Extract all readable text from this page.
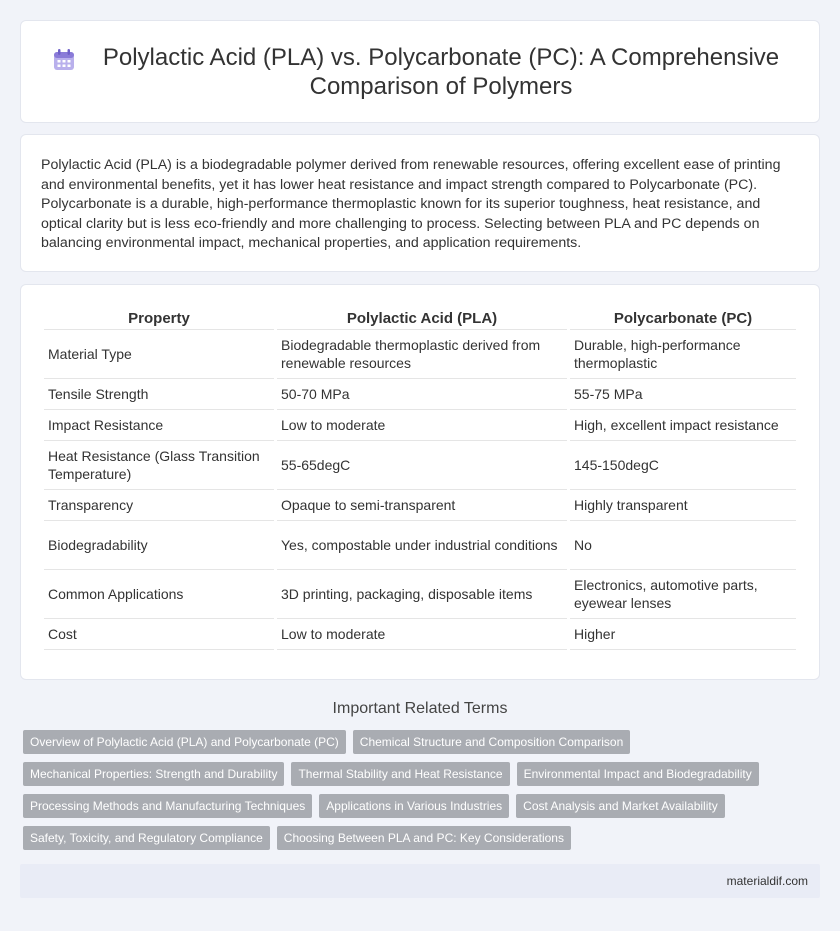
Polylactic Acid (PLA) vs. Polycarbonate (PC): A Comprehensive Comparison of Polymers

Polylactic Acid (PLA) is a biodegradable polymer derived from renewable resources, offering excellent ease of printing and environmental benefits, yet it has lower heat resistance and impact strength compared to Polycarbonate (PC). Polycarbonate is a durable, high-performance thermoplastic known for its superior toughness, heat resistance, and optical clarity but is less eco-friendly and more challenging to process. Selecting between PLA and PC depends on balancing environmental impact, mechanical properties, and application requirements.

Property	Polylactic Acid (PLA)	Polycarbonate (PC)
Material Type	Biodegradable thermoplastic derived from renewable resources	Durable, high-performance thermoplastic
Tensile Strength	50-70 MPa	55-75 MPa
Impact Resistance	Low to moderate	High, excellent impact resistance
Heat Resistance (Glass Transition Temperature)	55-65degC	145-150degC
Transparency	Opaque to semi-transparent	Highly transparent
Biodegradability	Yes, compostable under industrial conditions	No
Common Applications	3D printing, packaging, disposable items	Electronics, automotive parts, eyewear lenses
Cost	Low to moderate	Higher
Important Related Terms
Overview of Polylactic Acid (PLA) and Polycarbonate (PC)	Chemical Structure and Composition Comparison
Mechanical Properties: Strength and Durability	Thermal Stability and Heat Resistance	Environmental Impact and Biodegradability
Processing Methods and Manufacturing Techniques	Applications in Various Industries	Cost Analysis and Market Availability
Safety, Toxicity, and Regulatory Compliance	Choosing Between PLA and PC: Key Considerations
materialdif.com
